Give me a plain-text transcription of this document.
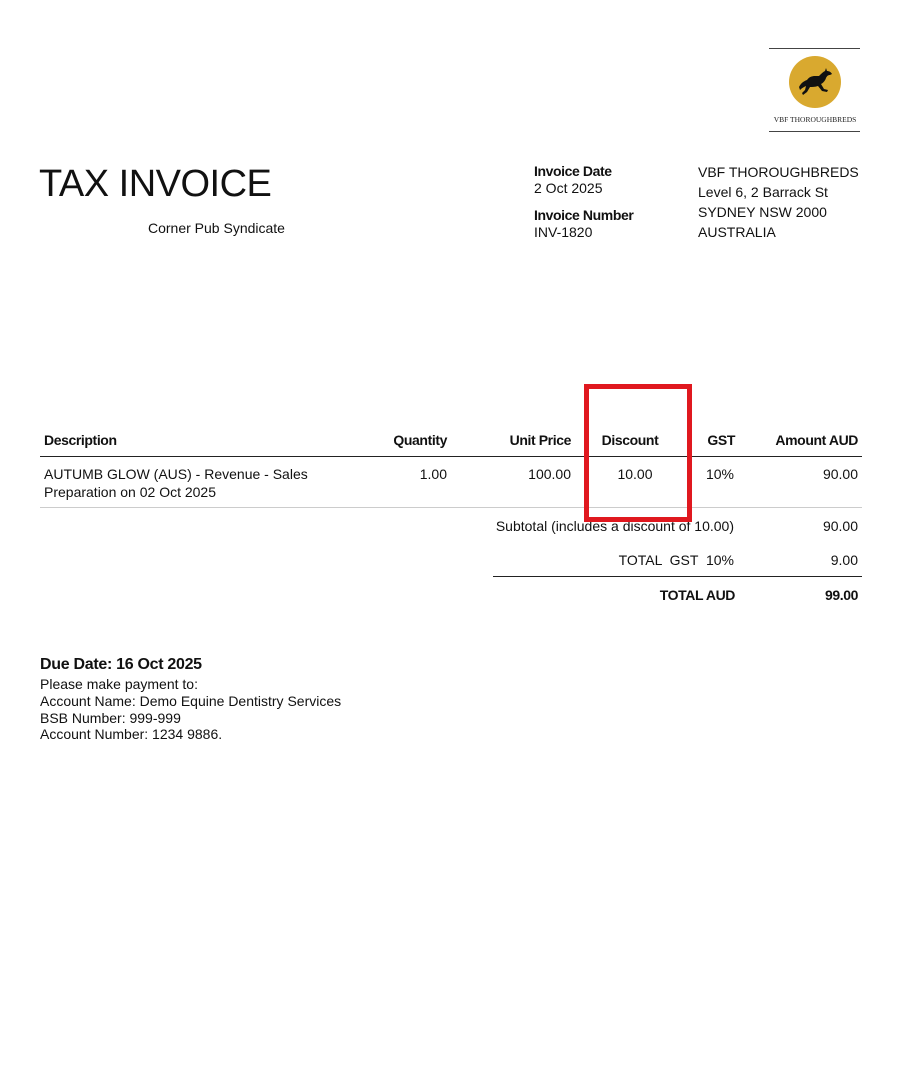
VBF THOROUGHBREDS
TAX INVOICE
Corner Pub Syndicate
Invoice Date
2 Oct 2025
Invoice Number
INV-1820
VBF THOROUGHBREDS
Level 6, 2 Barrack St
SYDNEY NSW 2000
AUSTRALIA
Description	Quantity	Unit Price	Discount	GST	Amount AUD
AUTUMB GLOW (AUS) - Revenue - Sales
Preparation on 02 Oct 2025
1.00	100.00	10.00	10%	90.00
Subtotal (includes a discount of 10.00)	90.00
TOTAL  GST  10%	9.00
TOTAL AUD	99.00
Due Date: 16 Oct 2025
Please make payment to:
Account Name: Demo Equine Dentistry Services
BSB Number: 999-999
Account Number: 1234 9886.
